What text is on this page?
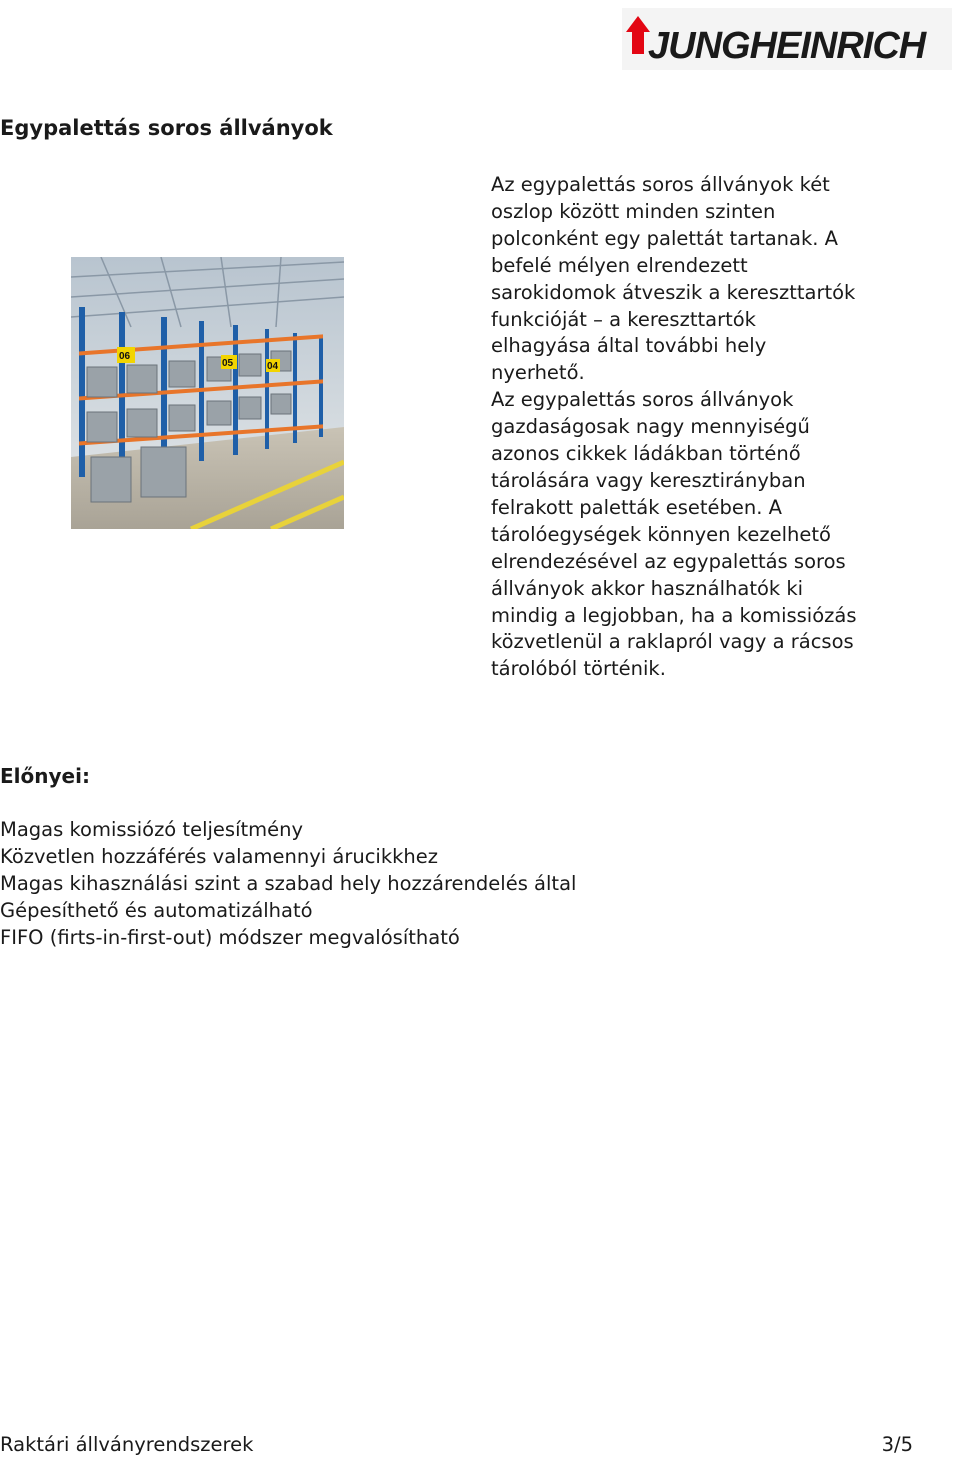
JUNGHEINRICH
Egypalettás soros állványok
06
05	04
Az egypalettás soros állványok két
oszlop között minden szinten
polconként egy palettát tartanak. A
befelé mélyen elrendezett
sarokidomok átveszik a kereszttartók
funkcióját – a kereszttartók
elhagyása által további hely
nyerhető.
Az egypalettás soros állványok
gazdaságosak nagy mennyiségű
azonos cikkek ládákban történő
tárolására vagy keresztirányban
felrakott paletták esetében. A
tárolóegységek könnyen kezelhető
elrendezésével az egypalettás soros
állványok akkor használhatók ki
mindig a legjobban, ha a komissiózás
közvetlenül a raklapról vagy a rácsos
tárolóból történik.
Előnyei:
Magas komissiózó teljesítmény
Közvetlen hozzáférés valamennyi árucikkhez
Magas kihasználási szint a szabad hely hozzárendelés által
Gépesíthető és automatizálható
FIFO (firts-in-first-out) módszer megvalósítható
Raktári állványrendszerek	3/5
